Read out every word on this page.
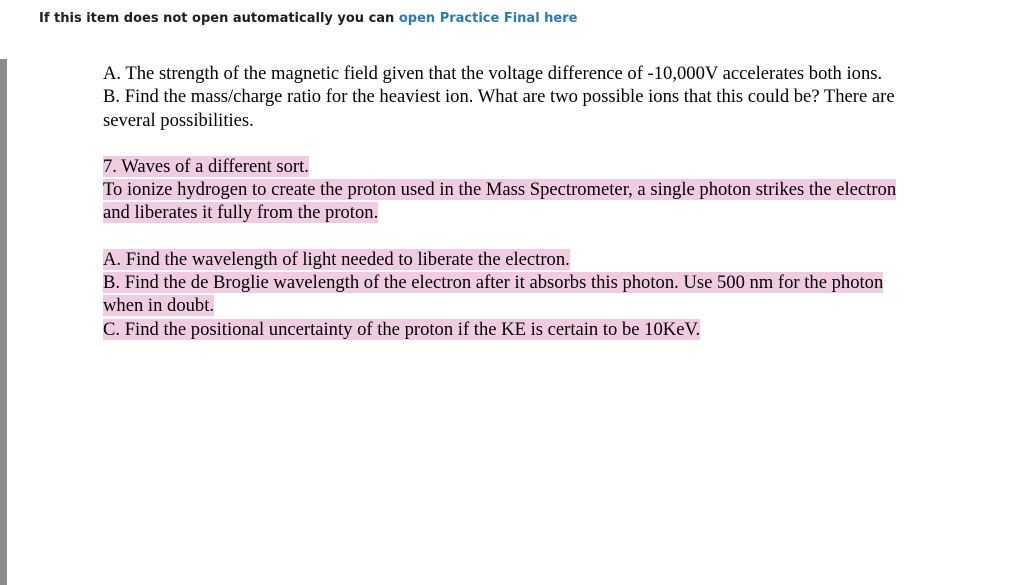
If this item does not open automatically you can open Practice Final here

A. The strength of the magnetic field given that the voltage difference of -10,000V accelerates both ions.

B. Find the mass/charge ratio for the heaviest ion. What are two possible ions that this could be? There are several possibilities.

7. Waves of a different sort.

To ionize hydrogen to create the proton used in the Mass Spectrometer, a single photon strikes the electron and liberates it fully from the proton.

A. Find the wavelength of light needed to liberate the electron.

B. Find the de Broglie wavelength of the electron after it absorbs this photon. Use 500 nm for the photon when in doubt.

C. Find the positional uncertainty of the proton if the KE is certain to be 10KeV.
